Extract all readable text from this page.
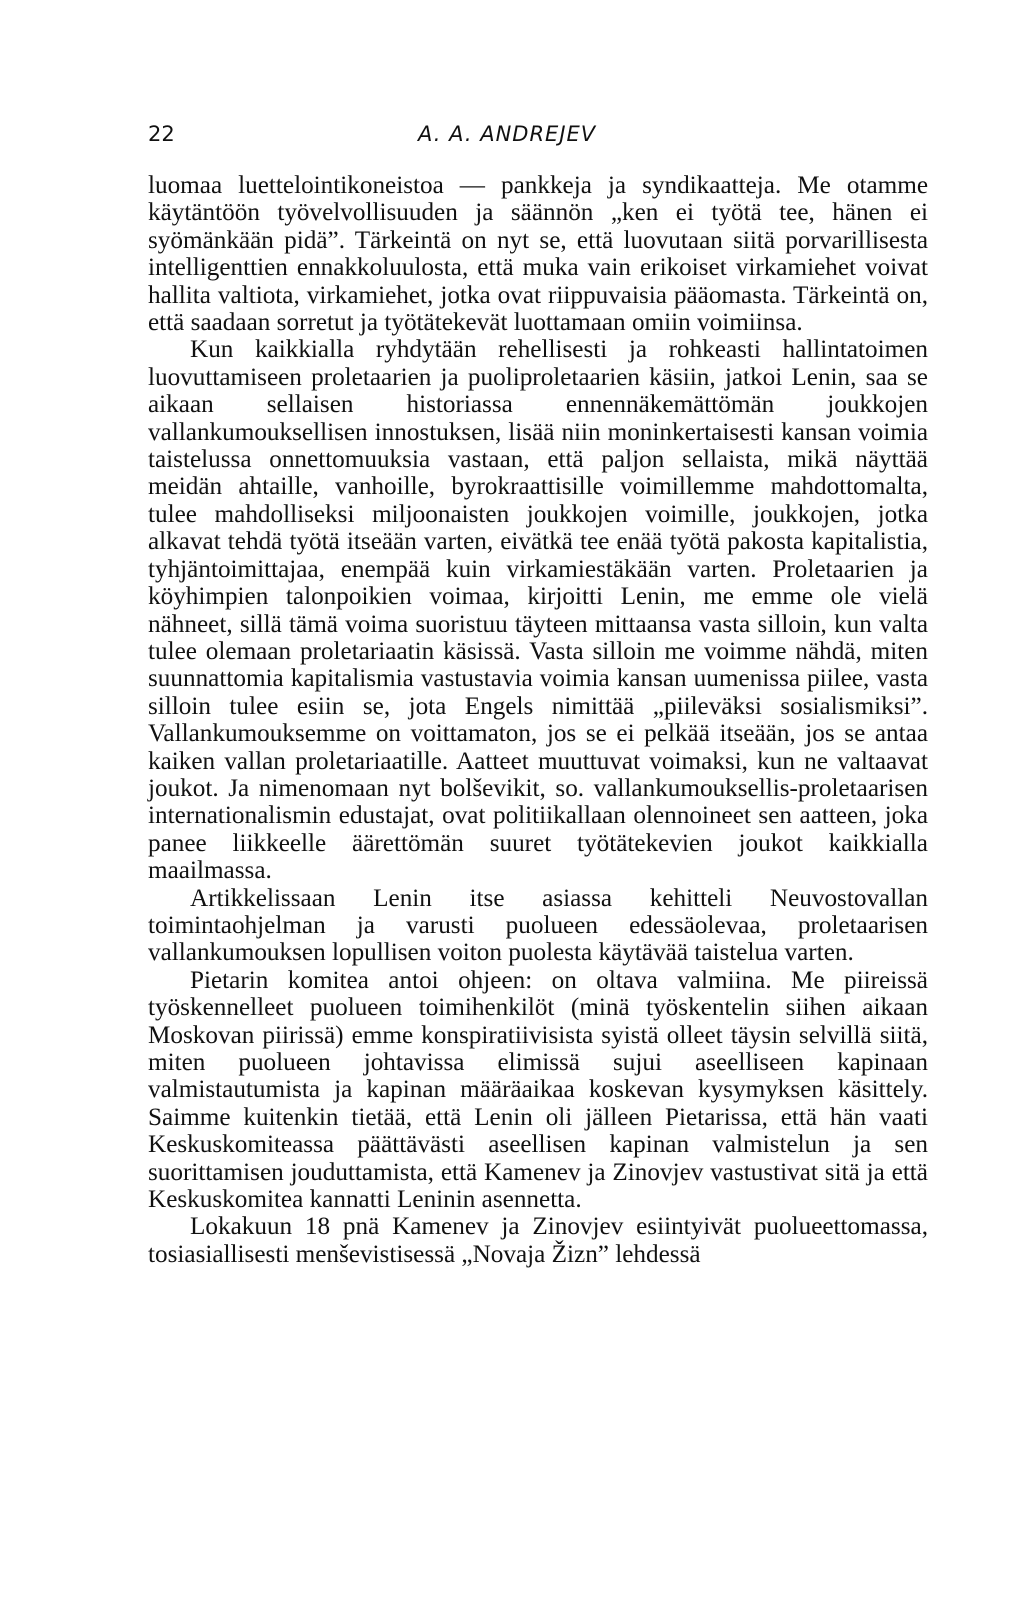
22	A. A. ANDREJEV

luomaa luettelointikoneistoa — pankkeja ja syndikaatteja. Me otamme käytäntöön työvelvollisuuden ja säännön „ken ei työtä tee, hänen ei syömänkään pidä”. Tärkeintä on nyt se, että luovutaan siitä porvarillisesta intelligenttien ennakkoluulosta, että muka vain erikoiset virkamiehet voivat hallita valtiota, virkamiehet, jotka ovat riippuvaisia pääomasta. Tärkeintä on, että saadaan sorretut ja työtätekevät luottamaan omiin voimiinsa.

Kun kaikkialla ryhdytään rehellisesti ja rohkeasti hallintatoimen luovuttamiseen proletaarien ja puoliproletaarien käsiin, jatkoi Lenin, saa se aikaan sellaisen historiassa ennennäkemättömän joukkojen vallankumouksellisen innostuksen, lisää niin moninkertaisesti kansan voimia taistelussa onnettomuuksia vastaan, että paljon sellaista, mikä näyttää meidän ahtaille, vanhoille, byrokraattisille voimillemme mahdottomalta, tulee mahdolliseksi miljoonaisten joukkojen voimille, joukkojen, jotka alkavat tehdä työtä itseään varten, eivätkä tee enää työtä pakosta kapitalistia, tyhjäntoimittajaa, enempää kuin virkamiestäkään varten. Proletaarien ja köyhimpien talonpoikien voimaa, kirjoitti Lenin, me emme ole vielä nähneet, sillä tämä voima suoristuu täyteen mittaansa vasta silloin, kun valta tulee olemaan proletariaatin käsissä. Vasta silloin me voimme nähdä, miten suunnattomia kapitalismia vastustavia voimia kansan uumenissa piilee, vasta silloin tulee esiin se, jota Engels nimittää „piileväksi sosialismiksi”. Vallankumouksemme on voittamaton, jos se ei pelkää itseään, jos se antaa kaiken vallan proletariaatille. Aatteet muuttuvat voimaksi, kun ne valtaavat joukot. Ja nimenomaan nyt bolševikit, so. vallankumouksellis-proletaarisen internationalismin edustajat, ovat politiikallaan olennoineet sen aatteen, joka panee liikkeelle äärettömän suuret työtätekevien joukot kaikkialla maailmassa.

Artikkelissaan Lenin itse asiassa kehitteli Neuvostovallan toimintaohjelman ja varusti puolueen edessäolevaa, proletaarisen vallankumouksen lopullisen voiton puolesta käytävää taistelua varten.

Pietarin komitea antoi ohjeen: on oltava valmiina. Me piireissä työskennelleet puolueen toimihenkilöt (minä työskentelin siihen aikaan Moskovan piirissä) emme konspiratiivisista syistä olleet täysin selvillä siitä, miten puolueen johtavissa elimissä sujui aseelliseen kapinaan valmistautumista ja kapinan määräaikaa koskevan kysymyksen käsittely. Saimme kuitenkin tietää, että Lenin oli jälleen Pietarissa, että hän vaati Keskuskomiteassa päättävästi aseellisen kapinan valmistelun ja sen suorittamisen jouduttamista, että Kamenev ja Zinovjev vastustivat sitä ja että Keskuskomitea kannatti Leninin asennetta.

Lokakuun 18 pnä Kamenev ja Zinovjev esiintyivät puolueettomassa, tosiasiallisesti menševistisessä „Novaja Žizn” lehdessä
